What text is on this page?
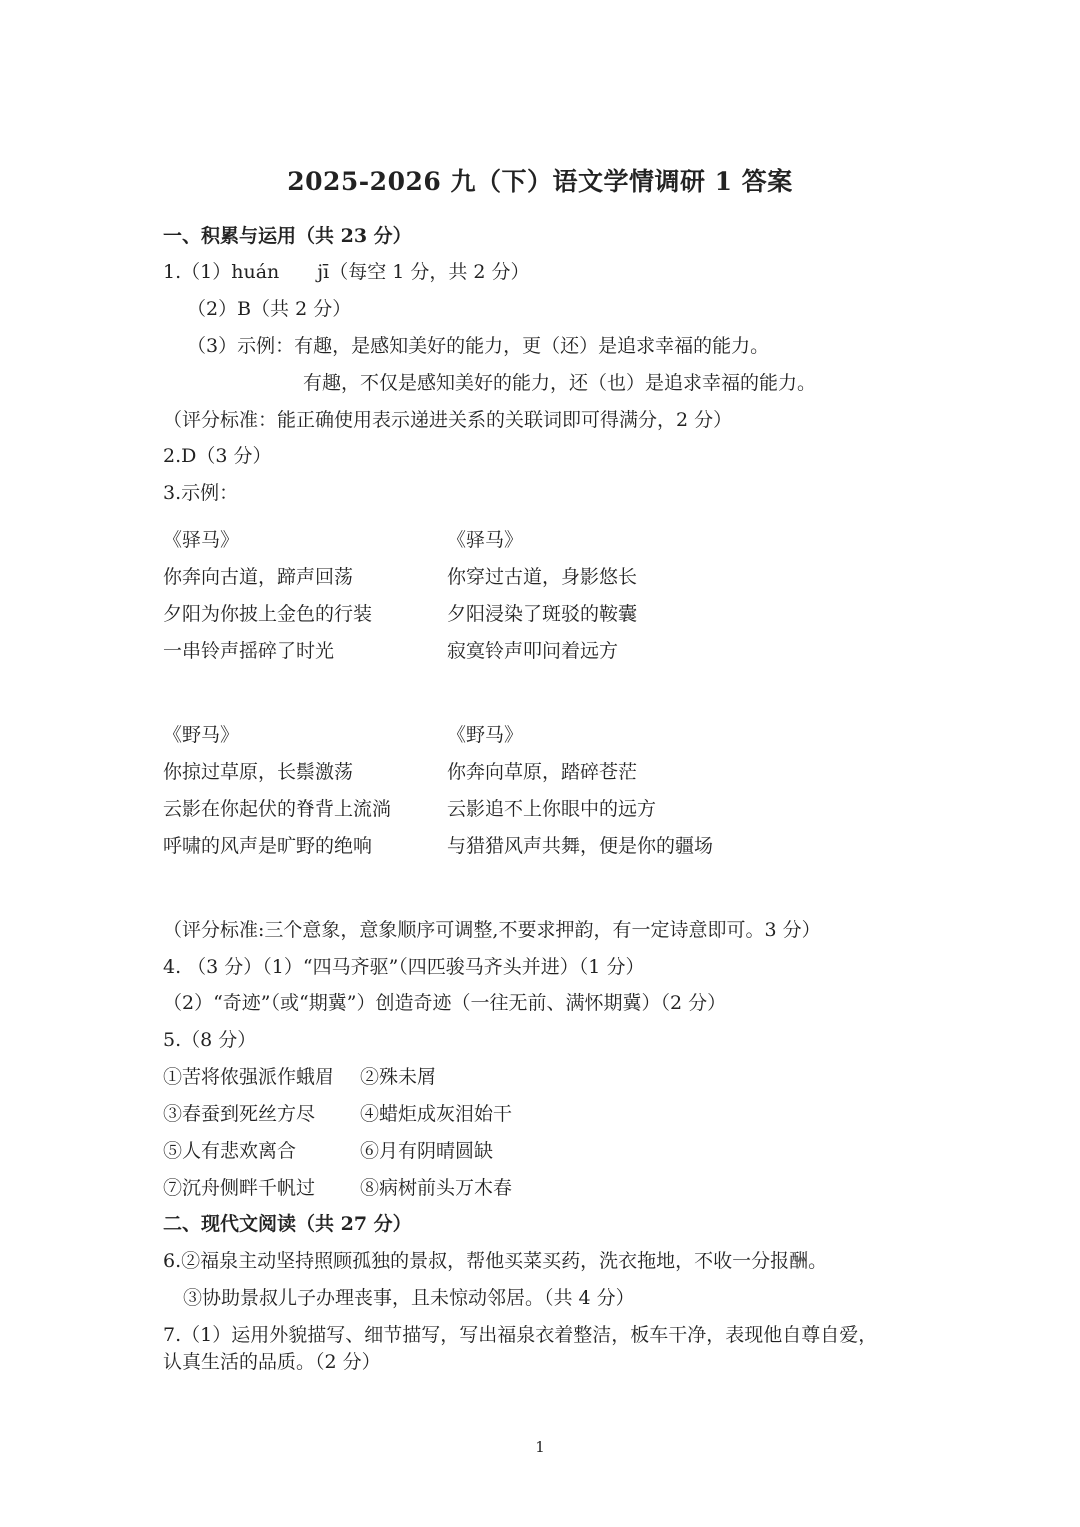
2025-2026 九（下）语文学情调研 1 答案
一、积累与运用（共 23 分）
1.（1）huán　　jī（每空 1 分，共 2 分）
（2）B（共 2 分）
（3）示例：有趣，是感知美好的能力，更（还）是追求幸福的能力。
有趣，不仅是感知美好的能力，还（也）是追求幸福的能力。
（评分标准：能正确使用表示递进关系的关联词即可得满分，2 分）
2.D（3 分）
3.示例：
《驿马》
你奔向古道，蹄声回荡
夕阳为你披上金色的行装
一串铃声摇碎了时光
《驿马》
你穿过古道，身影悠长
夕阳浸染了斑驳的鞍囊
寂寞铃声叩问着远方
《野马》
你掠过草原，长鬃激荡
云影在你起伏的脊背上流淌
呼啸的风声是旷野的绝响
《野马》
你奔向草原，踏碎苍茫
云影追不上你眼中的远方
与猎猎风声共舞，便是你的疆场
（评分标准:三个意象，意象顺序可调整,不要求押韵，有一定诗意即可。3 分）
4. （3 分）（1）“四马齐驱”（四匹骏马齐头并进）（1 分）
（2）“奇迹”（或“期冀”）创造奇迹（一往无前、满怀期冀）（2 分）
5.（8 分）
①苦将侬强派作蛾眉 ②殊未屑
③春蚕到死丝方尽 ④蜡炬成灰泪始干
⑤人有悲欢离合	⑥月有阴晴圆缺
⑦沉舟侧畔千帆过 ⑧病树前头万木春
二、现代文阅读（共 27 分）
6.②福泉主动坚持照顾孤独的景叔，帮他买菜买药，洗衣拖地，不收一分报酬。
③协助景叔儿子办理丧事，且未惊动邻居。（共 4 分）
7.（1）运用外貌描写、细节描写，写出福泉衣着整洁，板车干净，表现他自尊自爱，
认真生活的品质。（2 分）
1
